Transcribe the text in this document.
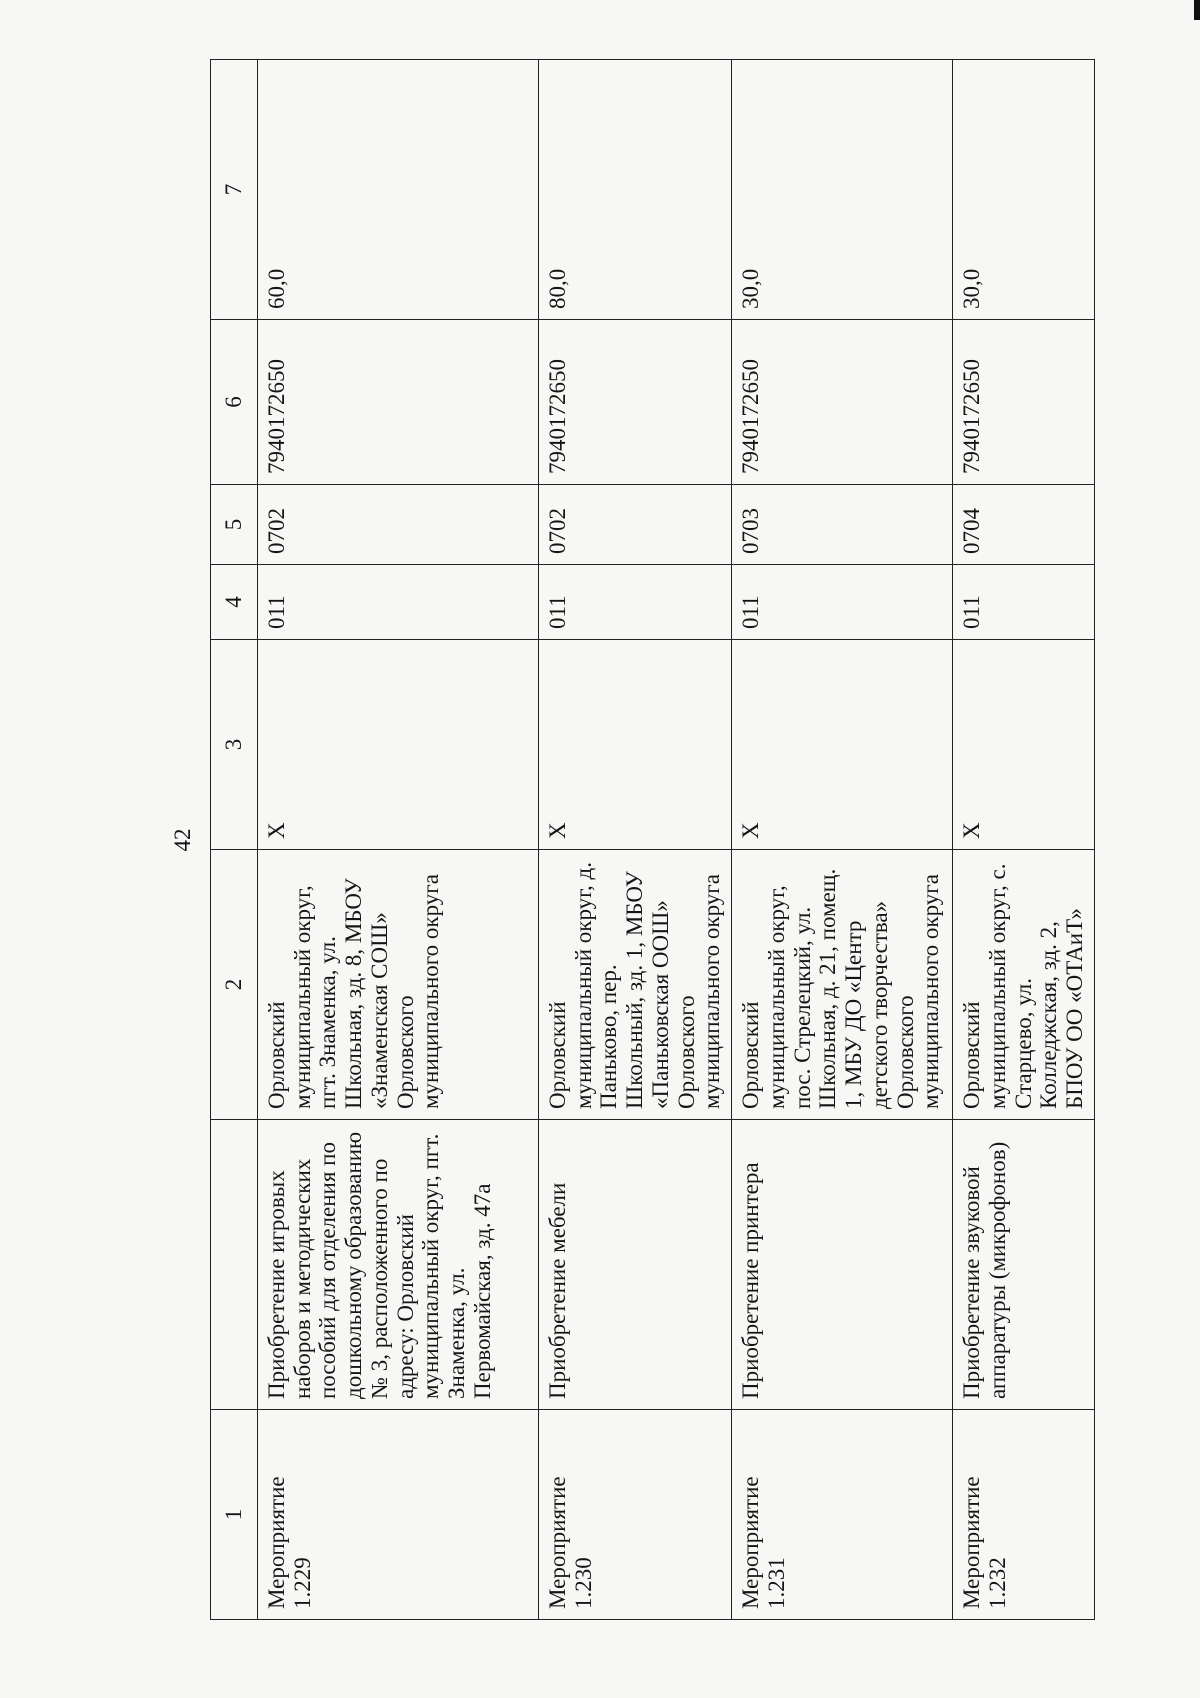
42
1		2	3	4	5	6	7
Мероприятие 1.229	Приобретение игровых наборов и методических пособий для отделения по дошкольному образованию № 3, расположенного по адресу: Орловский муниципальный округ, пгт. Знаменка, ул. Первомайская, зд. 47а	Орловский муниципальный округ, пгт. Знаменка, ул. Школьная, зд. 8, МБОУ «Знаменская СОШ» Орловского муниципального округа	Х	011	0702	7940172650	60,0
Мероприятие 1.230	Приобретение мебели	Орловский муниципальный округ, д. Паньково, пер. Школьный, зд. 1, МБОУ «Паньковская ООШ» Орловского муниципального округа	Х	011	0702	7940172650	80,0
Мероприятие 1.231	Приобретение принтера	Орловский муниципальный округ, пос. Стрелецкий, ул. Школьная, д. 21, помещ. 1, МБУ ДО «Центр детского творчества» Орловского муниципального округа	Х	011	0703	7940172650	30,0
Мероприятие 1.232	Приобретение звуковой аппаратуры (микрофонов)	Орловский муниципальный округ, с. Старцево, ул. Колледжская, зд. 2, БПОУ ОО «ОТАиТ»	Х	011	0704	7940172650	30,0
